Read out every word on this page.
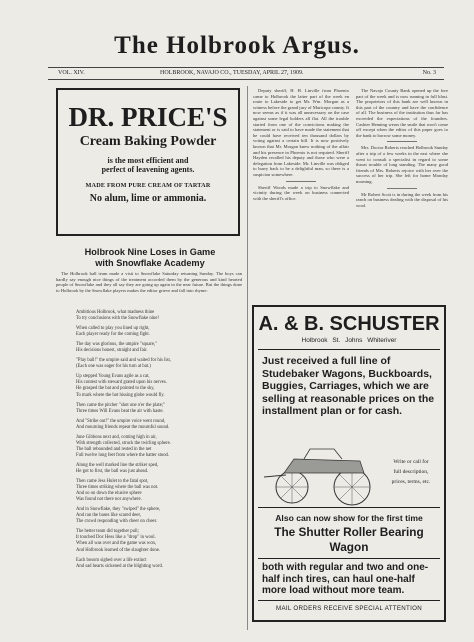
The Holbrook Argus.
VOL. XIV.	HOLBROOK, NAVAJO CO., TUESDAY, APRIL 27, 1909.	No. 3
DR. PRICE'S
Cream Baking Powder
is the most efficient and
perfect of leavening agents.
MADE FROM PURE CREAM OF TARTAR
No alum, lime or ammonia.
Holbrook Nine Loses in Game
with Snowflake Academy

The Holbrook ball team made a visit to Snowflake Saturday returning Sunday. The boys can hardly say enough nice things of the treatment accorded them by the generous and kind hearted people of Snowflake and they all say they are going up again in the near future. But the things done to Holbrook by the Snowflake players makes the editor grieve and fall into rhyme:

Ambitious Holbrook, what madness thine
To try conclusions with the Snowflake nine!
When called to play you lined up right,
Each player ready for the coming fight.
The day was glorious, the umpire "square,"
His decisions honest, straight and fair.
"Play ball!" the umpire said and waited for his list,
(Each one was eager for his turn at bat.)
Up stepped Young Evans agile as a cat,
His contest with steward grated upon his nerves.
He grasped the bat and pointed to the sky,
To mark where the hot hissing globe would fly.
Then came the pitcher "shot one o'er the plate;"
Three times Will Evans beat the air with haste.
And "Strike out!" the umpire voice went round,
And mourning friends repeat the mournful sound.
June Gibbons next and, coming high in air,
With strength collected, struck the twirling sphere.
The ball rebounded and rested in the net
Full twelve long feet from where the batter stood.
Along the well marked line the striker sped,
He got to first, the ball was just ahead.
Then came Jess Hulet to the fatal spot,
Three times striking where the ball was not.
And so on down the elusive sphere
Was found not there nor anywhere.
And in Snowflake, they "swiped" the sphere,
And ran the bases like scared deer,
The crowd responding with cheer on cheer.
The better team did together pull;
It touched Doc Hess like a "drop" in wool.
When all was over and the game was won,
And Holbrook learned of the slaughter done.
Each bosom sighed over a life extinct
And sad hearts sickened at the blighting word.

Deputy sheriff, H. H. Linville from Phoenix came to Holbrook the latter part of the week en route to Lakeside to get Mr. Wm. Morgan as a witness before the grand jury of Maricopa county. It now seems as if it was all unnecessary on the case against some legal holders all flat. All the trouble started from one of the convictions making the statement or is said to have made the statement that he could have received ten thousand dollars by voting against a certain bill. It is now positively known that Mr. Morgan knew nothing of the affair and his presence in Phoenix is not required. Sheriff Hayden recalled his deputy and those who were a delegation from Lakeside. Mr. Linville was obliged to hurry back to be a delightful man, so there is a suspicion somewhere.

Sheriff Woods made a trip to Snowflake and vicinity during the week on business connected with the sheriff's office.

The Navajo County Bank opened up the fore part of the week and is now running in full blast. The proprietors of this bank are well known in this part of the country and have the confidence of all. The business of the institution thus far has exceeded the expectations of the founders. Cashier Henning wears the smile that won't come off except when the editor of this paper goes to the bank to borrow some money.

Mrs. Doctor Roberts reached Holbrook Sunday after a trip of a few weeks in the east where she went to consult a specialist in regard to some throat trouble of long standing. The many good friends of Mrs. Roberts rejoice with her over the success of her trip. She left for home Monday morning.

Mr Robert Scott is in during the week from his ranch on business dealing with the disposal of his wool.

A. & B. SCHUSTER
Holbrook St. Johns Whiteriver
Just received a full line of Studebaker Wagons, Buckboards, Buggies, Carriages, which we are selling at reasonable prices on the installment plan or for cash.
Write or call for
full description,
prices, terms, etc.
Also can now show for the first time
The Shutter Roller Bearing Wagon
both with regular and two and one-half inch tires, can haul one-half more load without more team.
MAIL ORDERS RECEIVE SPECIAL ATTENTION
